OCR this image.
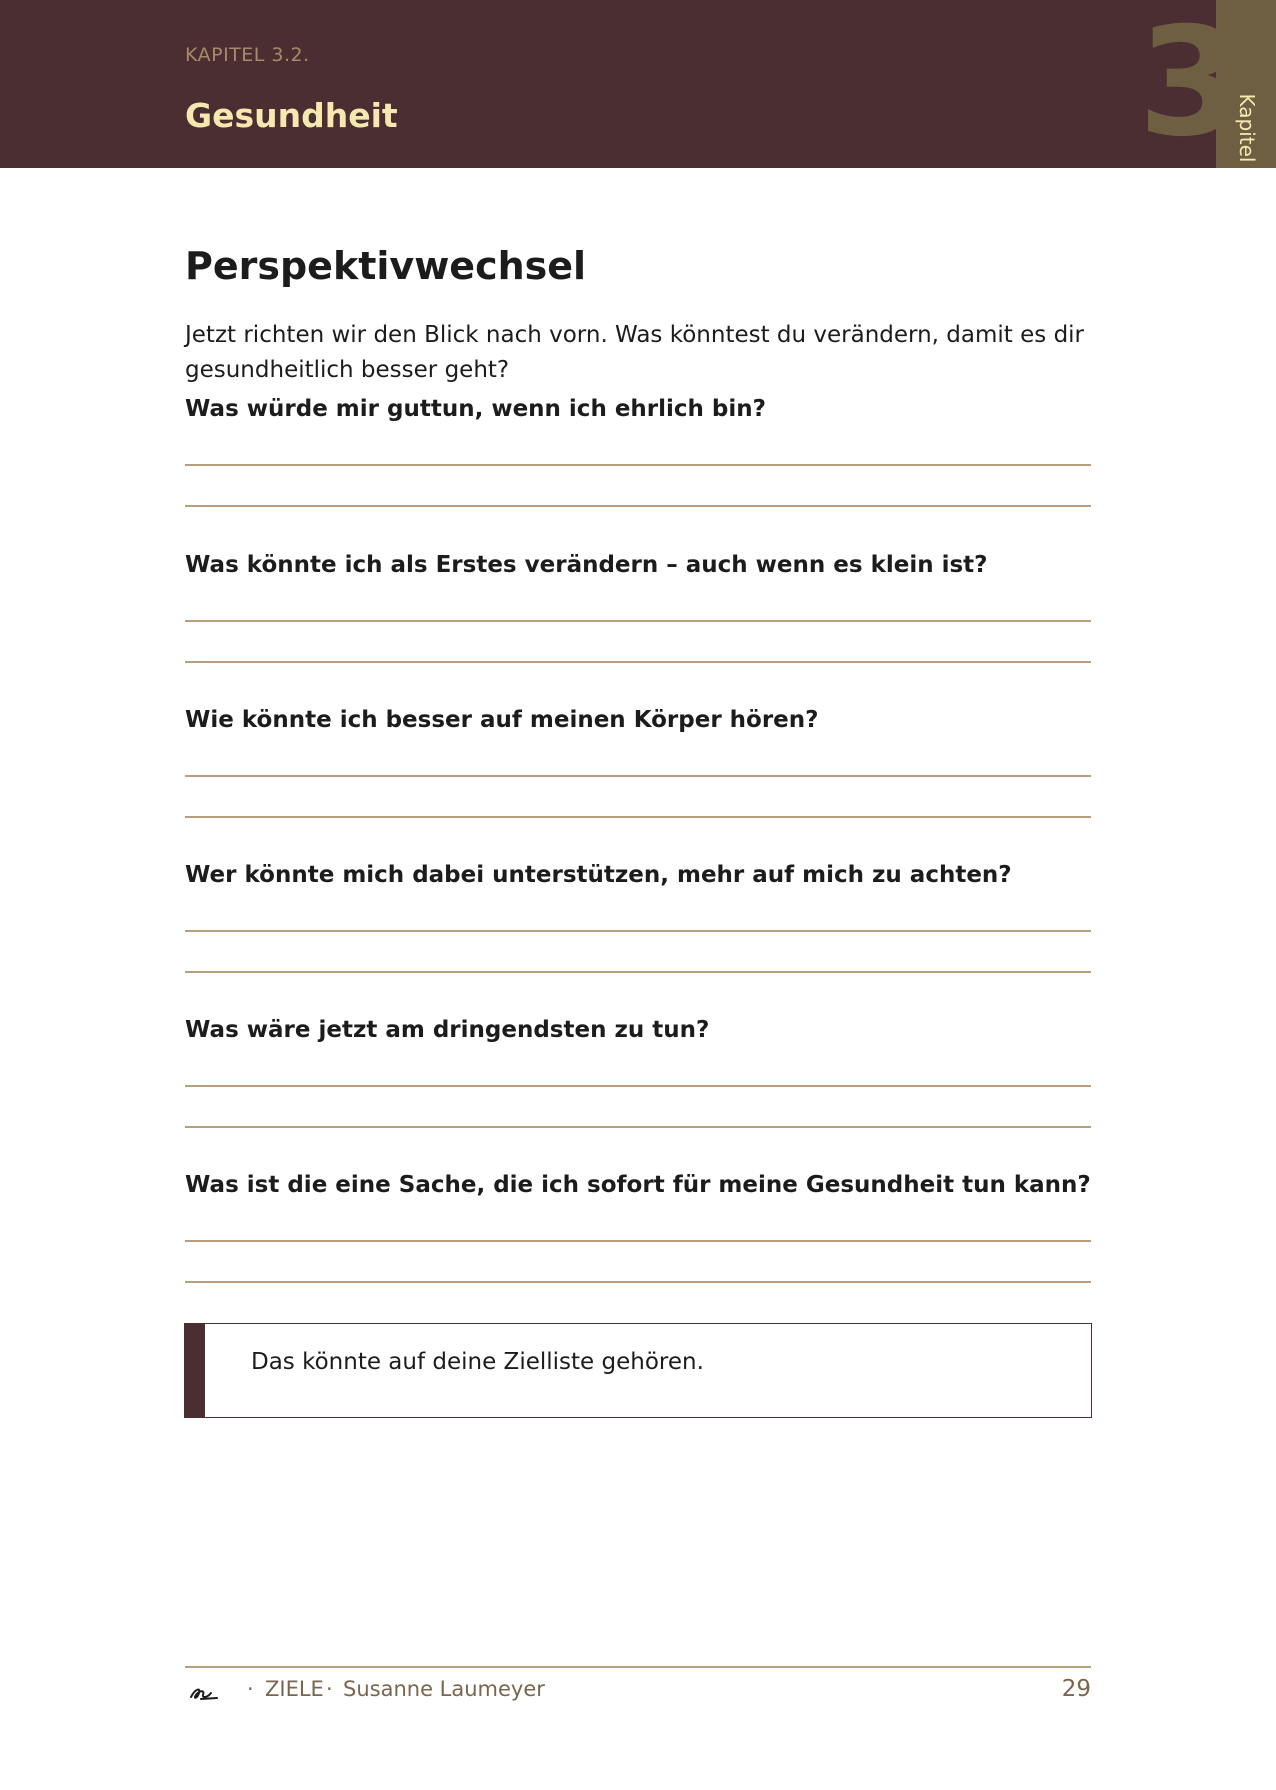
KAPITEL 3.2.
Gesundheit	3
Kapitel
Perspektivwechsel

Jetzt richten wir den Blick nach vorn. Was könntest du verändern, damit es dir gesundheitlich besser geht?

Was würde mir guttun, wenn ich ehrlich bin?
Was könnte ich als Erstes verändern – auch wenn es klein ist?
Wie könnte ich besser auf meinen Körper hören?
Wer könnte mich dabei unterstützen, mehr auf mich zu achten?
Was wäre jetzt am dringendsten zu tun?
Was ist die eine Sache, die ich sofort für meine Gesundheit tun kann?
Das könnte auf deine Zielliste gehören.
· ZIELE · Susanne Laumeyer	29
